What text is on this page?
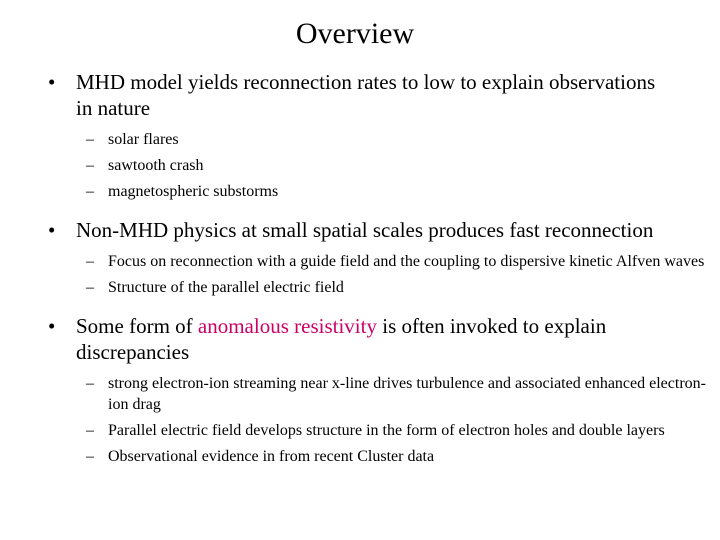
Overview
• MHD model yields reconnection rates to low to explain observations in nature
– solar flares
– sawtooth crash
– magnetospheric substorms
• Non-MHD physics at small spatial scales produces fast reconnection
– Focus on reconnection with a guide field and the coupling to dispersive kinetic Alfven waves
– Structure of the parallel electric field
• Some form of anomalous resistivity is often invoked to explain discrepancies
– strong electron-ion streaming near x-line drives turbulence and associated enhanced electron-ion drag
– Parallel electric field develops structure in the form of electron holes and double layers
– Observational evidence in from recent Cluster data
